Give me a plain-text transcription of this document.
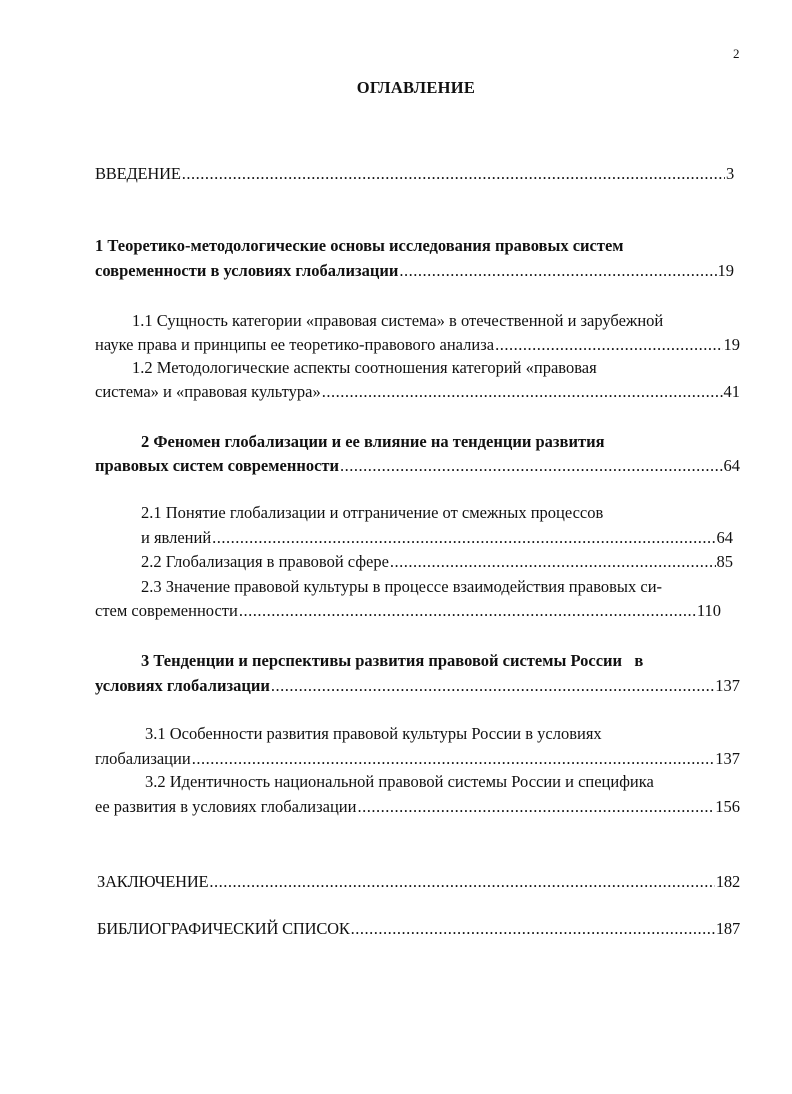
2
ОГЛАВЛЕНИЕ
ВВЕДЕНИЕ .....	3
1 Теоретико-методологические основы исследования правовых систем
современности в условиях глобализации .....	19
1.1 Сущность категории «правовая система» в отечественной и зарубежной
науке права и принципы ее теоретико-правового анализа .....	19
1.2 Методологические аспекты соотношения категорий «правовая
система» и «правовая культура» .....	41
2 Феномен глобализации и ее влияние на тенденции развития
правовых систем современности .....	64
2.1 Понятие глобализации и отграничение от смежных процессов
и явлений .....	64
2.2 Глобализация в правовой сфере .....	85
2.3 Значение правовой культуры в процессе взаимодействия правовых си-
стем современности .....	110
3 Тенденции и перспективы развития правовой системы России   в
условиях глобализации .....	137
3.1 Особенности развития правовой культуры России в условиях
глобализации .....	137
3.2 Идентичность национальной правовой системы России и специфика
ее развития в условиях глобализации .....	156
ЗАКЛЮЧЕНИЕ .....	182
БИБЛИОГРАФИЧЕСКИЙ СПИСОК .....	187
